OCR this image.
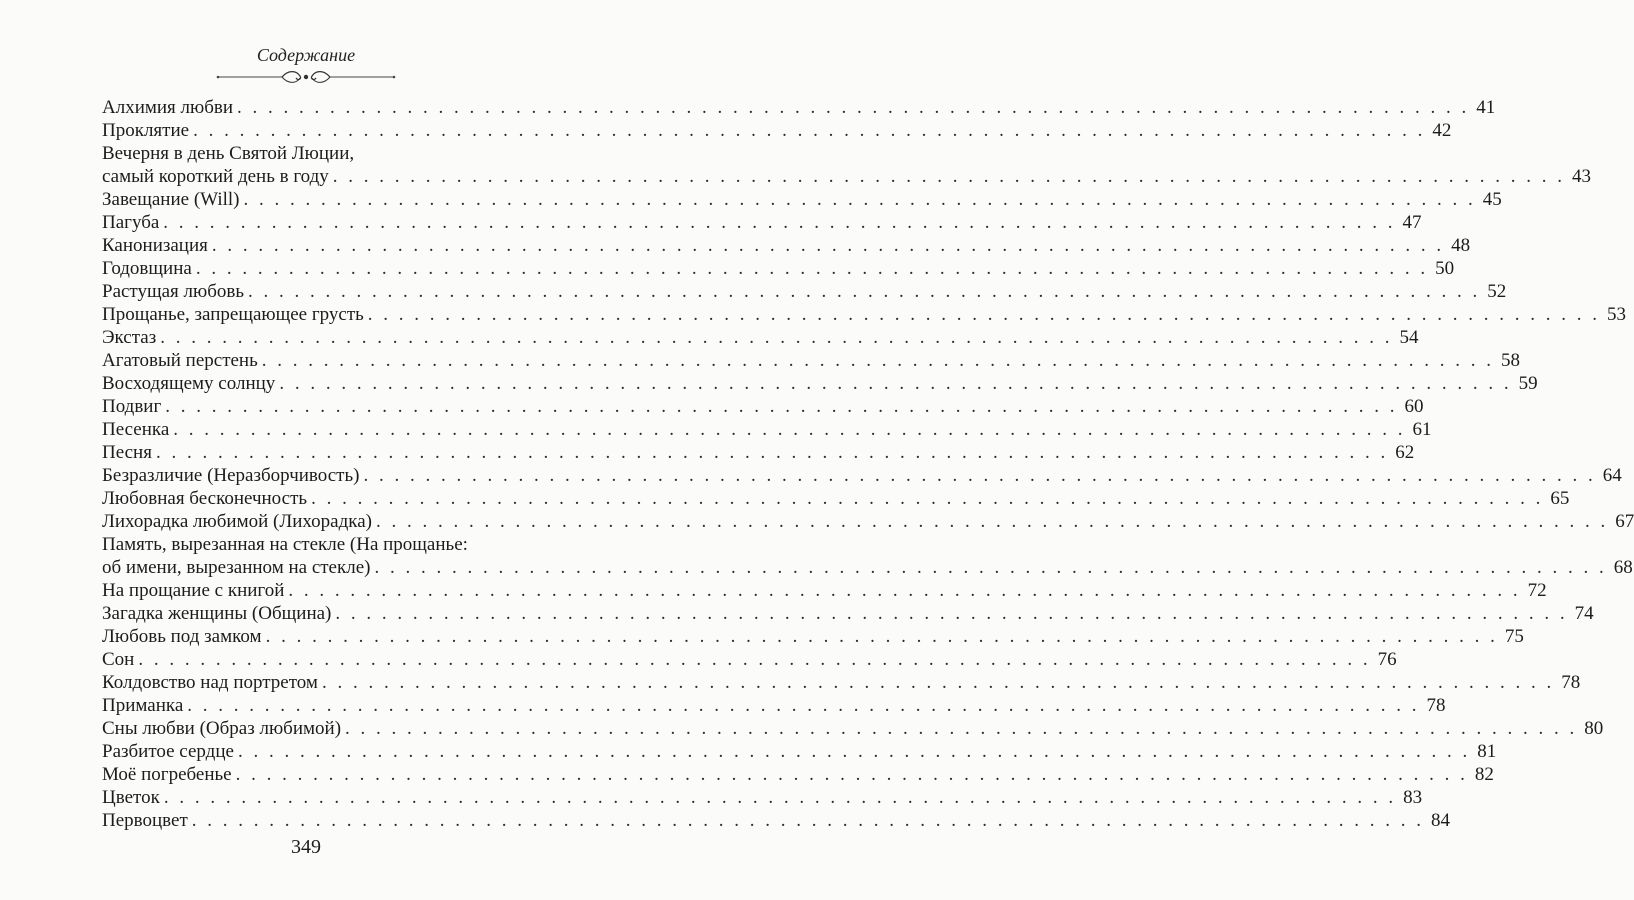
Содержание
Алхимия любви . . . . . . . . . . . . . . . . . . . . . . . . . . . . . . . . . . . . . . . . . . . . . . . . . . . . . . . . . . . . . . . . . . . . . . . . . . . . . . . . 41
Проклятие . . . . . . . . . . . . . . . . . . . . . . . . . . . . . . . . . . . . . . . . . . . . . . . . . . . . . . . . . . . . . . . . . . . . . . . . . . . . . . . . 42
Вечерня в день Святой Люции,
самый короткий день в году . . . . . . . . . . . . . . . . . . . . . . . . . . . . . . . . . . . . . . . . . . . . . . . . . . . . . . . . . . . . . . . . . . . . . . . . . . . . . . . . 43
Завещание (Will) . . . . . . . . . . . . . . . . . . . . . . . . . . . . . . . . . . . . . . . . . . . . . . . . . . . . . . . . . . . . . . . . . . . . . . . . . . . . . . . . 45
Пагуба . . . . . . . . . . . . . . . . . . . . . . . . . . . . . . . . . . . . . . . . . . . . . . . . . . . . . . . . . . . . . . . . . . . . . . . . . . . . . . . . 47
Канонизация . . . . . . . . . . . . . . . . . . . . . . . . . . . . . . . . . . . . . . . . . . . . . . . . . . . . . . . . . . . . . . . . . . . . . . . . . . . . . . . . 48
Годовщина . . . . . . . . . . . . . . . . . . . . . . . . . . . . . . . . . . . . . . . . . . . . . . . . . . . . . . . . . . . . . . . . . . . . . . . . . . . . . . . . 50
Растущая любовь . . . . . . . . . . . . . . . . . . . . . . . . . . . . . . . . . . . . . . . . . . . . . . . . . . . . . . . . . . . . . . . . . . . . . . . . . . . . . . . . 52
Прощанье, запрещающее грусть . . . . . . . . . . . . . . . . . . . . . . . . . . . . . . . . . . . . . . . . . . . . . . . . . . . . . . . . . . . . . . . . . . . . . . . . . . . . . . . . 53
Экстаз . . . . . . . . . . . . . . . . . . . . . . . . . . . . . . . . . . . . . . . . . . . . . . . . . . . . . . . . . . . . . . . . . . . . . . . . . . . . . . . . 54
Агатовый перстень . . . . . . . . . . . . . . . . . . . . . . . . . . . . . . . . . . . . . . . . . . . . . . . . . . . . . . . . . . . . . . . . . . . . . . . . . . . . . . . . 58
Восходящему солнцу . . . . . . . . . . . . . . . . . . . . . . . . . . . . . . . . . . . . . . . . . . . . . . . . . . . . . . . . . . . . . . . . . . . . . . . . . . . . . . . . 59
Подвиг . . . . . . . . . . . . . . . . . . . . . . . . . . . . . . . . . . . . . . . . . . . . . . . . . . . . . . . . . . . . . . . . . . . . . . . . . . . . . . . . 60
Песенка . . . . . . . . . . . . . . . . . . . . . . . . . . . . . . . . . . . . . . . . . . . . . . . . . . . . . . . . . . . . . . . . . . . . . . . . . . . . . . . . 61
Песня . . . . . . . . . . . . . . . . . . . . . . . . . . . . . . . . . . . . . . . . . . . . . . . . . . . . . . . . . . . . . . . . . . . . . . . . . . . . . . . . 62
Безразличие (Неразборчивость) . . . . . . . . . . . . . . . . . . . . . . . . . . . . . . . . . . . . . . . . . . . . . . . . . . . . . . . . . . . . . . . . . . . . . . . . . . . . . . . . 64
Любовная бесконечность . . . . . . . . . . . . . . . . . . . . . . . . . . . . . . . . . . . . . . . . . . . . . . . . . . . . . . . . . . . . . . . . . . . . . . . . . . . . . . . . 65
Лихорадка любимой (Лихорадка) . . . . . . . . . . . . . . . . . . . . . . . . . . . . . . . . . . . . . . . . . . . . . . . . . . . . . . . . . . . . . . . . . . . . . . . . . . . . . . . . 67
Память, вырезанная на стекле (На прощанье:
об имени, вырезанном на стекле) . . . . . . . . . . . . . . . . . . . . . . . . . . . . . . . . . . . . . . . . . . . . . . . . . . . . . . . . . . . . . . . . . . . . . . . . . . . . . . . . 68
На прощание с книгой . . . . . . . . . . . . . . . . . . . . . . . . . . . . . . . . . . . . . . . . . . . . . . . . . . . . . . . . . . . . . . . . . . . . . . . . . . . . . . . . 72
Загадка женщины (Община) . . . . . . . . . . . . . . . . . . . . . . . . . . . . . . . . . . . . . . . . . . . . . . . . . . . . . . . . . . . . . . . . . . . . . . . . . . . . . . . . 74
Любовь под замком . . . . . . . . . . . . . . . . . . . . . . . . . . . . . . . . . . . . . . . . . . . . . . . . . . . . . . . . . . . . . . . . . . . . . . . . . . . . . . . . 75
Сон . . . . . . . . . . . . . . . . . . . . . . . . . . . . . . . . . . . . . . . . . . . . . . . . . . . . . . . . . . . . . . . . . . . . . . . . . . . . . . . . 76
Колдовство над портретом . . . . . . . . . . . . . . . . . . . . . . . . . . . . . . . . . . . . . . . . . . . . . . . . . . . . . . . . . . . . . . . . . . . . . . . . . . . . . . . . 78
Приманка . . . . . . . . . . . . . . . . . . . . . . . . . . . . . . . . . . . . . . . . . . . . . . . . . . . . . . . . . . . . . . . . . . . . . . . . . . . . . . . . 78
Сны любви (Образ любимой) . . . . . . . . . . . . . . . . . . . . . . . . . . . . . . . . . . . . . . . . . . . . . . . . . . . . . . . . . . . . . . . . . . . . . . . . . . . . . . . . 80
Разбитое сердце . . . . . . . . . . . . . . . . . . . . . . . . . . . . . . . . . . . . . . . . . . . . . . . . . . . . . . . . . . . . . . . . . . . . . . . . . . . . . . . . 81
Моё погребенье . . . . . . . . . . . . . . . . . . . . . . . . . . . . . . . . . . . . . . . . . . . . . . . . . . . . . . . . . . . . . . . . . . . . . . . . . . . . . . . . 82
Цветок . . . . . . . . . . . . . . . . . . . . . . . . . . . . . . . . . . . . . . . . . . . . . . . . . . . . . . . . . . . . . . . . . . . . . . . . . . . . . . . . 83
Первоцвет . . . . . . . . . . . . . . . . . . . . . . . . . . . . . . . . . . . . . . . . . . . . . . . . . . . . . . . . . . . . . . . . . . . . . . . . . . . . . . . . 84
349
